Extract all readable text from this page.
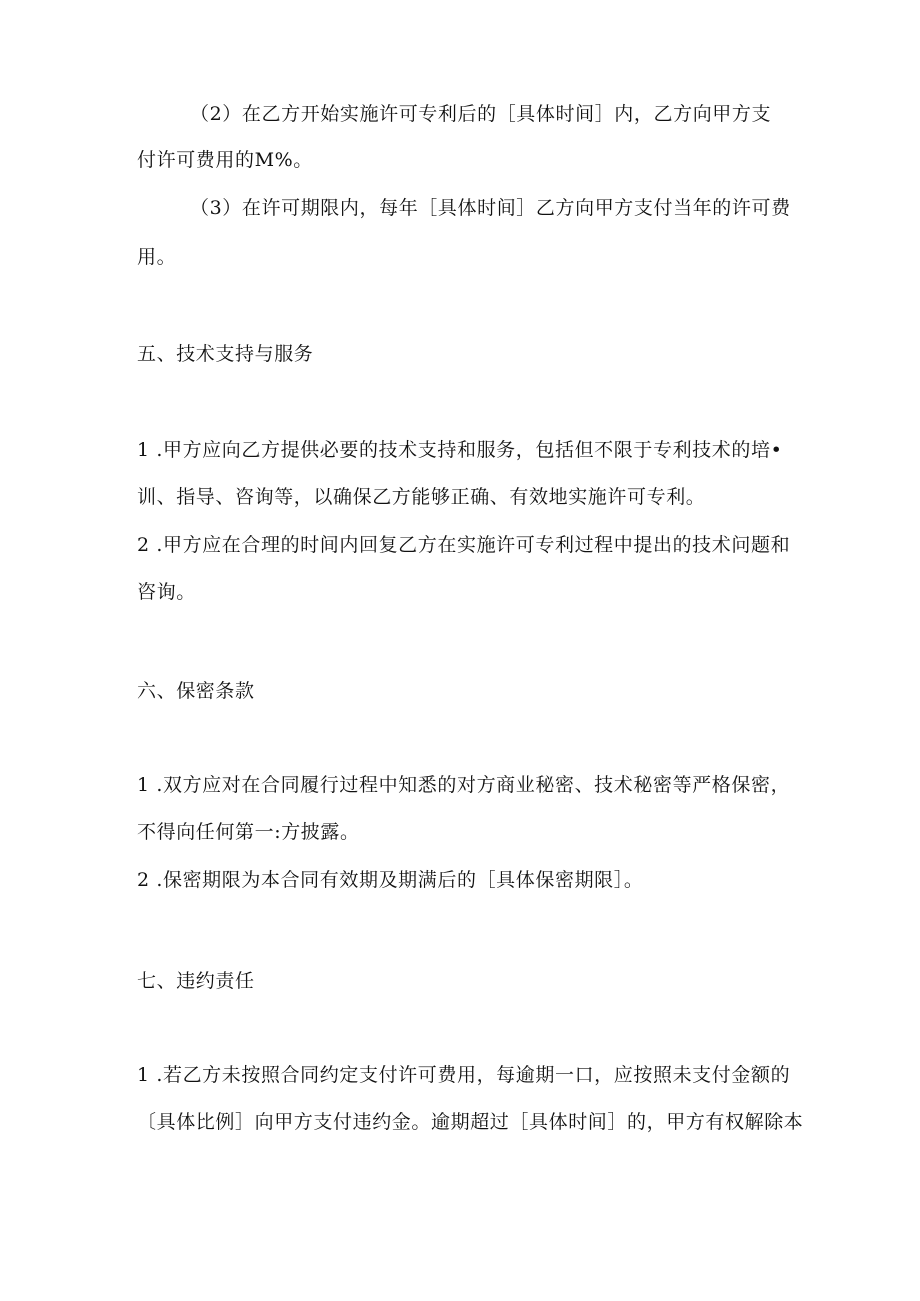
（2）在乙方开始实施许可专利后的［具体时间］内，乙方向甲方支
付许可费用的M%。
（3）在许可期限内，每年［具体时间］乙方向甲方支付当年的许可费
用。
五、技术支持与服务
1 .甲方应向乙方提供必要的技术支持和服务，包括但不限于专利技术的培•
训、指导、咨询等，以确保乙方能够正确、有效地实施许可专利。
2 .甲方应在合理的时间内回复乙方在实施许可专利过程中提出的技术问题和
咨询。
六、保密条款
1 .双方应对在合同履行过程中知悉的对方商业秘密、技术秘密等严格保密，
不得向任何第一:方披露。
2 .保密期限为本合同有效期及期满后的［具体保密期限］。
七、违约责任
1 .若乙方未按照合同约定支付许可费用，每逾期一口，应按照未支付金额的
〔具体比例］向甲方支付违约金。逾期超过［具体时间］的，甲方有权解除本
